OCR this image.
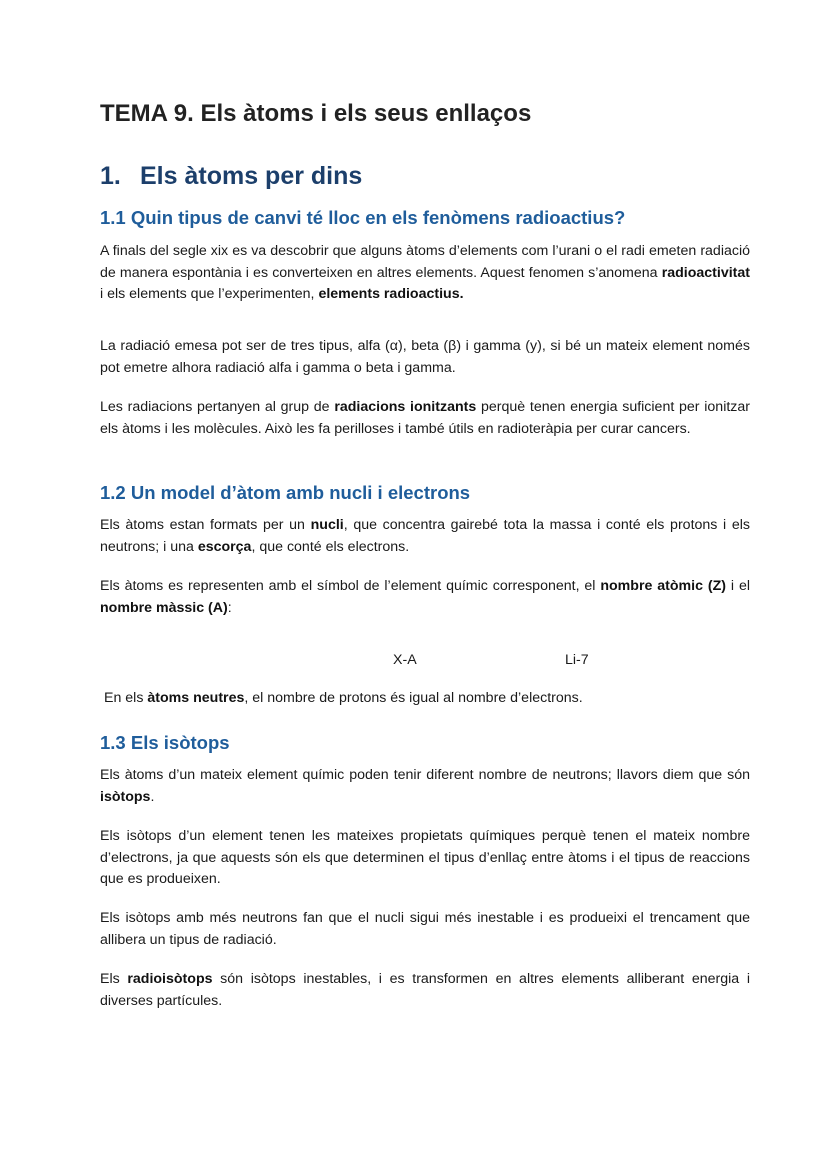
TEMA 9. Els àtoms i els seus enllaços
1. Els àtoms per dins
1.1 Quin tipus de canvi té lloc en els fenòmens radioactius?

A finals del segle xix es va descobrir que alguns àtoms d’elements com l’urani o el radi emeten radiació de manera espontània i es converteixen en altres elements. Aquest fenomen s’anomena radioactivitat i els elements que l’experimenten, elements radioactius.

La radiació emesa pot ser de tres tipus, alfa (α), beta (β) i gamma (y), si bé un mateix element només pot emetre alhora radiació alfa i gamma o beta i gamma.

Les radiacions pertanyen al grup de radiacions ionitzants perquè tenen energia suficient per ionitzar els àtoms i les molècules. Això les fa perilloses i també útils en radioteràpia per curar cancers.

1.2 Un model d’àtom amb nucli i electrons

Els àtoms estan formats per un nucli, que concentra gairebé tota la massa i conté els protons i els neutrons; i una escorça, que conté els electrons.

Els àtoms es representen amb el símbol de l’element químic corresponent, el nombre atòmic (Z) i el nombre màssic (A):

X-A	Li-7

En els àtoms neutres, el nombre de protons és igual al nombre d’electrons.

1.3 Els isòtops

Els àtoms d’un mateix element químic poden tenir diferent nombre de neutrons; llavors diem que són isòtops.

Els isòtops d’un element tenen les mateixes propietats químiques perquè tenen el mateix nombre d’electrons, ja que aquests són els que determinen el tipus d’enllaç entre àtoms i el tipus de reaccions que es produeixen.

Els isòtops amb més neutrons fan que el nucli sigui més inestable i es produeixi el trencament que allibera un tipus de radiació.

Els radioisòtops són isòtops inestables, i es transformen en altres elements alliberant energia i diverses partícules.
